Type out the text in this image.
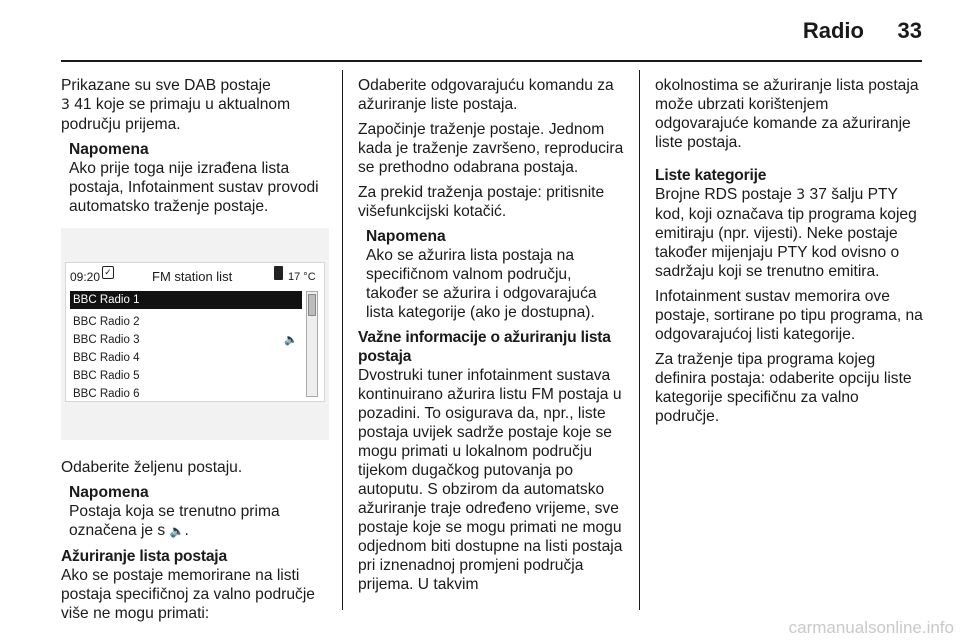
Radio 33

Prikazane su sve DAB postaje
3 41 koje se primaju u aktualnom području prijema.

Napomena
Ako prije toga nije izrađena lista postaja, Infotainment sustav provodi automatsko traženje postaje.
09:20 ✓	FM station list	17 °C
BBC Radio 1
BBC Radio 2
BBC Radio 3	🔈
BBC Radio 4
BBC Radio 5
BBC Radio 6

Odaberite željenu postaju.

Napomena
Postaja koja se trenutno prima označena je s 🔈.
Ažuriranje lista postaja

Ako se postaje memorirane na listi postaja specifičnoj za valno područje više ne mogu primati:

Odaberite odgovarajuću komandu za ažuriranje liste postaja.

Započinje traženje postaje. Jednom kada je traženje završeno, reproducira se prethodno odabrana postaja.

Za prekid traženja postaje: pritisnite višefunkcijski kotačić.

Napomena
Ako se ažurira lista postaja na specifičnom valnom području, također se ažurira i odgovarajuća lista kategorije (ako je dostupna).
Važne informacije o ažuriranju lista postaja

Dvostruki tuner infotainment sustava kontinuirano ažurira listu FM postaja u pozadini. To osigurava da, npr., liste postaja uvijek sadrže postaje koje se mogu primati u lokalnom području tijekom dugačkog putovanja po autoputu. S obzirom da automatsko ažuriranje traje određeno vrijeme, sve postaje koje se mogu primati ne mogu odjednom biti dostupne na listi postaja pri iznenadnoj promjeni područja prijema. U takvim

okolnostima se ažuriranje lista postaja može ubrzati korištenjem odgovarajuće komande za ažuriranje liste postaja.

Liste kategorije

Brojne RDS postaje 3 37 šalju PTY kod, koji označava tip programa kojeg emitiraju (npr. vijesti). Neke postaje također mijenjaju PTY kod ovisno o sadržaju koji se trenutno emitira.

Infotainment sustav memorira ove postaje, sortirane po tipu programa, na odgovarajućoj listi kategorije.

Za traženje tipa programa kojeg definira postaja: odaberite opciju liste kategorije specifičnu za valno područje.

carmanualsonline.info
